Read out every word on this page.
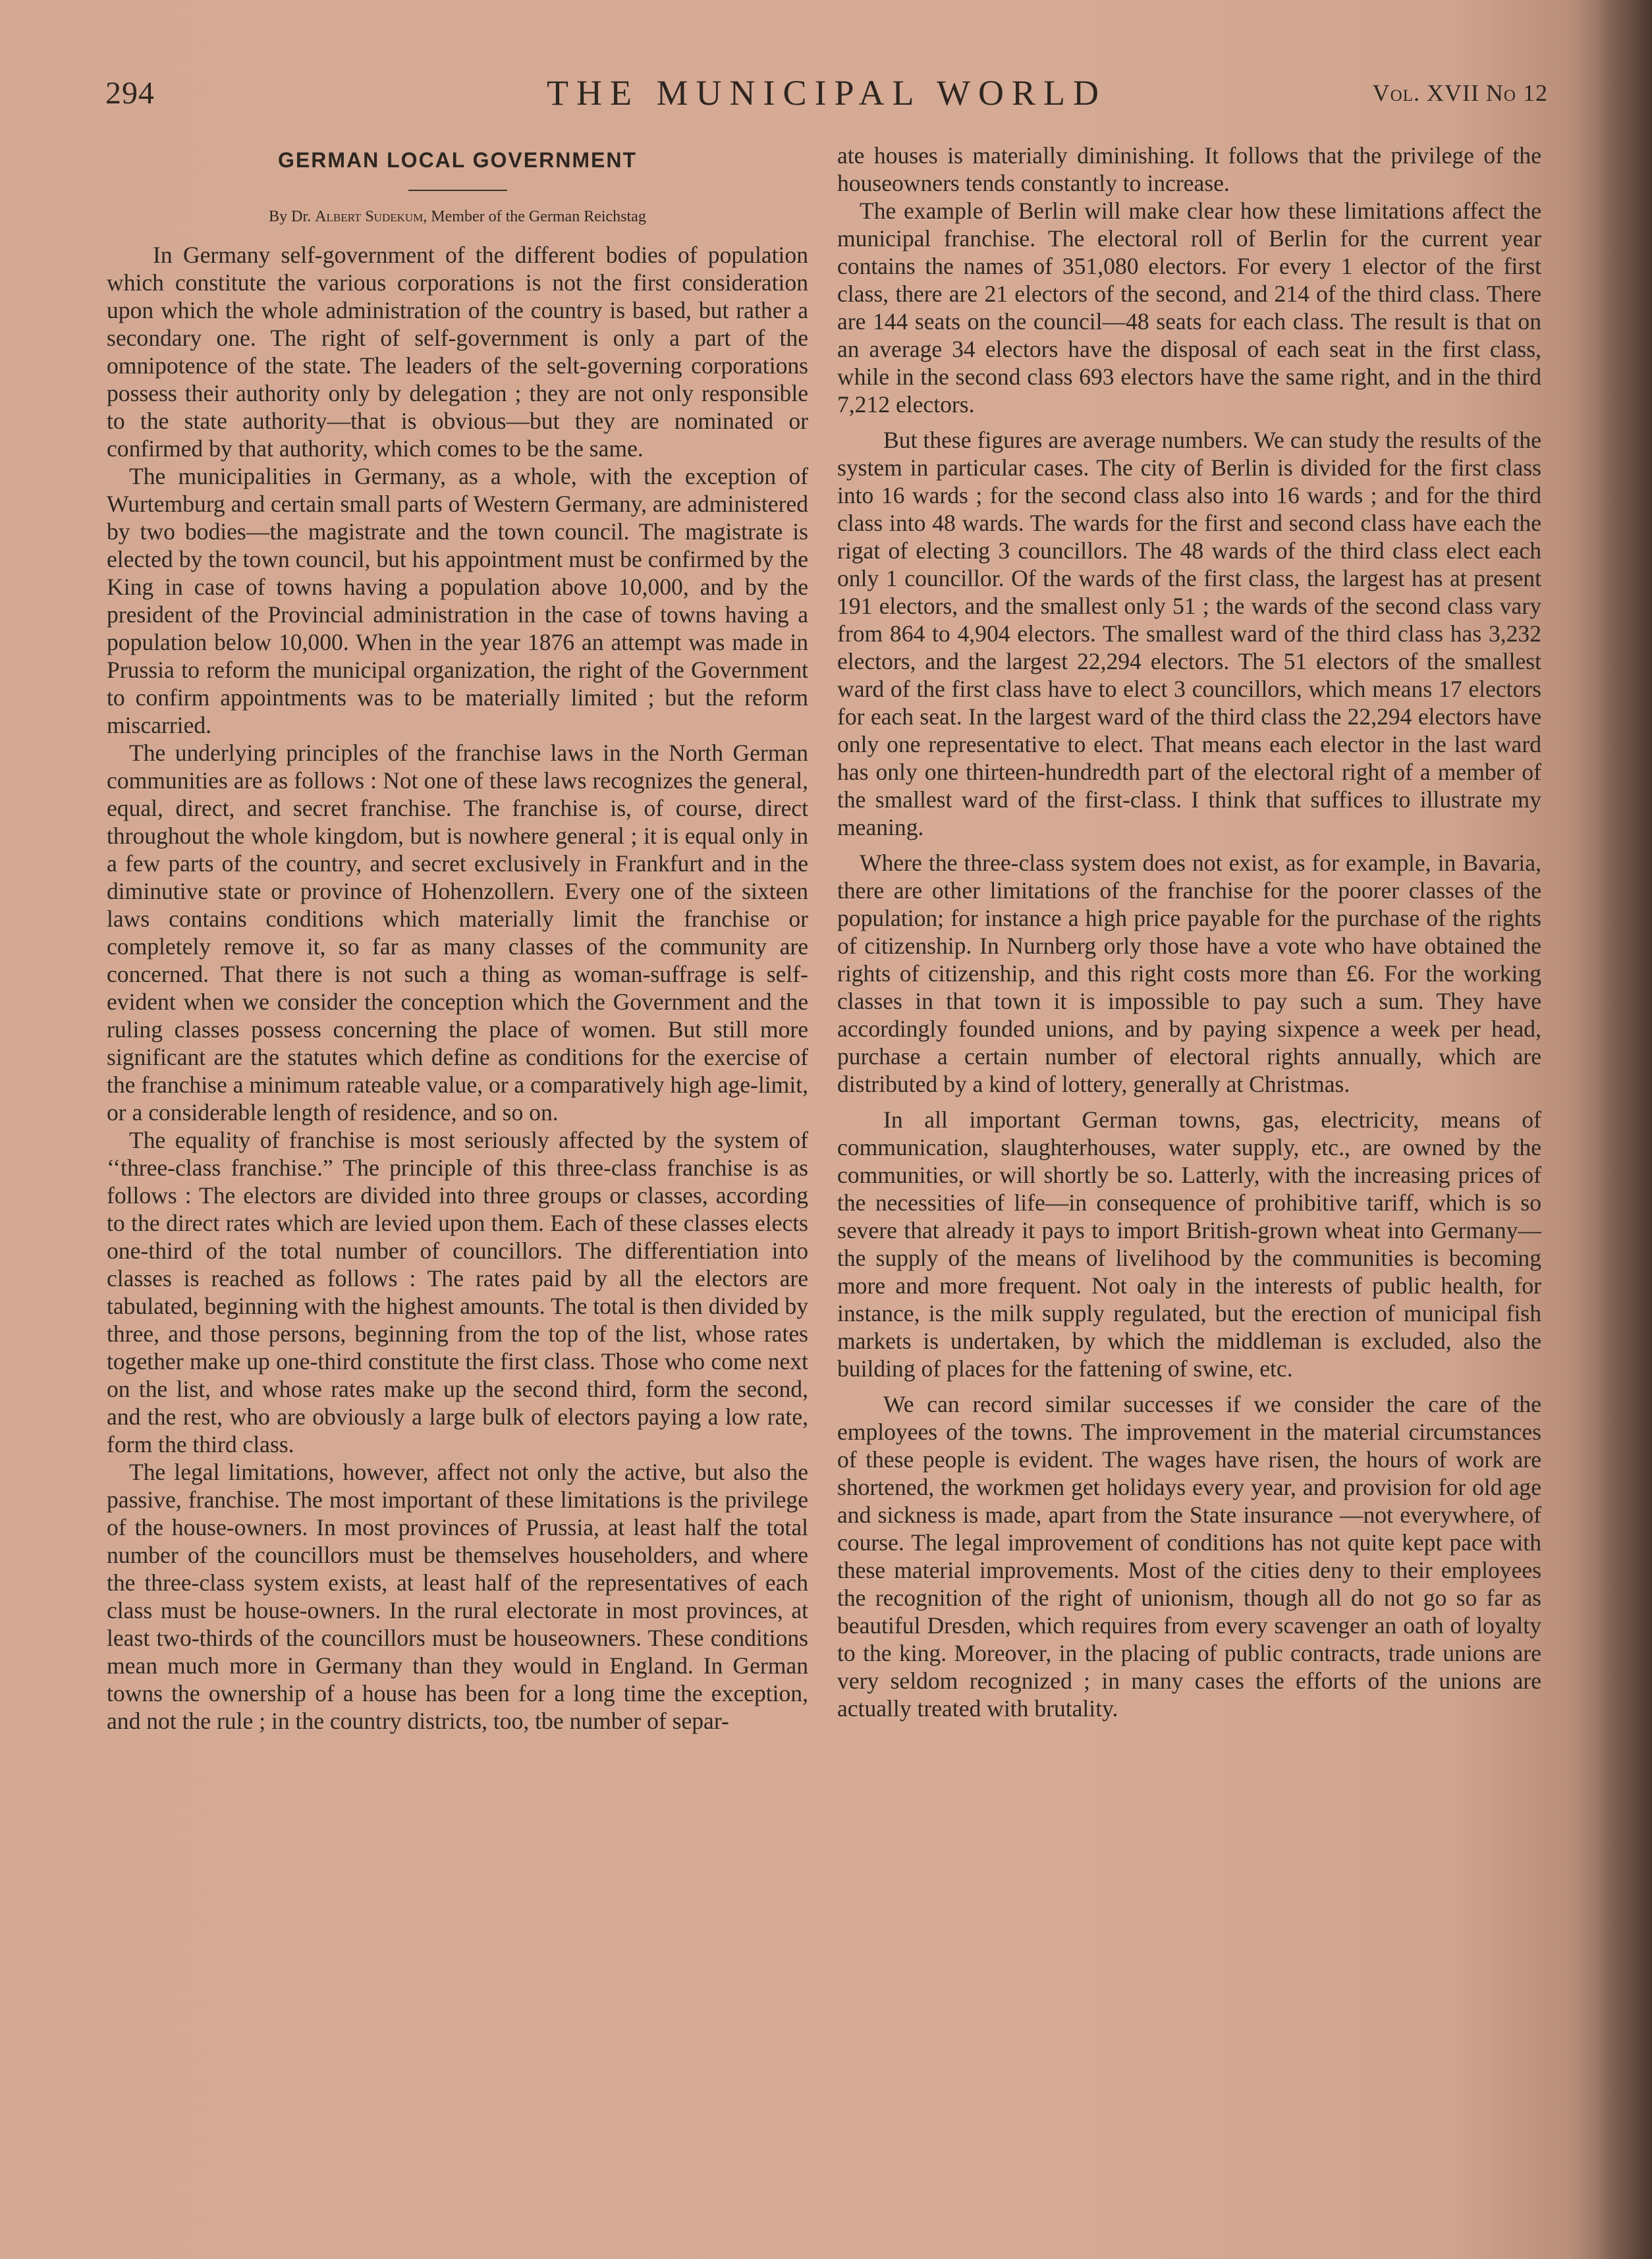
294	THE MUNICIPAL WORLD	Vol. XVII No 12
GERMAN LOCAL GOVERNMENT
By Dr. Albert Sudekum, Member of the German Reichstag

In Germany self-government of the different bodies of population which constitute the various corporations is not the first consideration upon which the whole administration of the country is based, but rather a secondary one. The right of self-government is only a part of the omnipotence of the state. The leaders of the selt-governing corporations possess their authority only by delegation ; they are not only responsible to the state authority—that is obvious—but they are nominated or confirmed by that authority, which comes to be the same.

The municipalities in Germany, as a whole, with the exception of Wurtemburg and certain small parts of Western Germany, are administered by two bodies—the magistrate and the town council. The magistrate is elected by the town council, but his appointment must be confirmed by the King in case of towns having a population above 10,000, and by the president of the Provincial administration in the case of towns having a population below 10,000. When in the year 1876 an attempt was made in Prussia to reform the municipal organization, the right of the Government to confirm appointments was to be materially limited ; but the reform miscarried.

The underlying principles of the franchise laws in the North German communities are as follows : Not one of these laws recognizes the general, equal, direct, and secret franchise. The franchise is, of course, direct throughout the whole kingdom, but is nowhere general ; it is equal only in a few parts of the country, and secret exclusively in Frankfurt and in the diminutive state or province of Hohenzollern. Every one of the sixteen laws contains conditions which materially limit the franchise or completely remove it, so far as many classes of the community are concerned. That there is not such a thing as woman-suffrage is self-evident when we consider the conception which the Government and the ruling classes possess concerning the place of women. But still more significant are the statutes which define as conditions for the exercise of the franchise a minimum rateable value, or a comparatively high age-limit, or a considerable length of residence, and so on.

The equality of franchise is most seriously affected by the system of ‘‘three-class franchise.” The principle of this three-class franchise is as follows : The electors are divided into three groups or classes, according to the direct rates which are levied upon them. Each of these classes elects one-third of the total number of councillors. The differentiation into classes is reached as follows : The rates paid by all the electors are tabulated, beginning with the highest amounts. The total is then divided by three, and those persons, beginning from the top of the list, whose rates together make up one-third constitute the first class. Those who come next on the list, and whose rates make up the second third, form the second, and the rest, who are obviously a large bulk of electors paying a low rate, form the third class.

The legal limitations, however, affect not only the active, but also the passive, franchise. The most important of these limitations is the privilege of the house-owners. In most provinces of Prussia, at least half the total number of the councillors must be themselves householders, and where the three-class system exists, at least half of the representatives of each class must be house-owners. In the rural electorate in most provinces, at least two-thirds of the councillors must be houseowners. These conditions mean much more in Germany than they would in England. In German towns the ownership of a house has been for a long time the exception, and not the rule ; in the country districts, too, tbe number of separ-

ate houses is materially diminishing. It follows that the privilege of the houseowners tends constantly to increase.

The example of Berlin will make clear how these limitations affect the municipal franchise. The electoral roll of Berlin for the current year contains the names of 351,080 electors. For every 1 elector of the first class, there are 21 electors of the second, and 214 of the third class. There are 144 seats on the council—48 seats for each class. The result is that on an average 34 electors have the disposal of each seat in the first class, while in the second class 693 electors have the same right, and in the third 7,212 electors.

But these figures are average numbers. We can study the results of the system in particular cases. The city of Berlin is divided for the first class into 16 wards ; for the second class also into 16 wards ; and for the third class into 48 wards. The wards for the first and second class have each the rigat of electing 3 councillors. The 48 wards of the third class elect each only 1 councillor. Of the wards of the first class, the largest has at present 191 electors, and the smallest only 51 ; the wards of the second class vary from 864 to 4,904 electors. The smallest ward of the third class has 3,232 electors, and the largest 22,294 electors. The 51 electors of the smallest ward of the first class have to elect 3 councillors, which means 17 electors for each seat. In the largest ward of the third class the 22,294 electors have only one representative to elect. That means each elector in the last ward has only one thirteen-hundredth part of the electoral right of a member of the smallest ward of the first-class. I think that suffices to illustrate my meaning.

Where the three-class system does not exist, as for example, in Bavaria, there are other limitations of the franchise for the poorer classes of the population; for instance a high price payable for the purchase of the rights of citizenship. In Nurnberg orly those have a vote who have obtained the rights of citizenship, and this right costs more than £6. For the working classes in that town it is impossible to pay such a sum. They have accordingly founded unions, and by paying sixpence a week per head, purchase a certain number of electoral rights annually, which are distributed by a kind of lottery, generally at Christmas.

In all important German towns, gas, electricity, means of communication, slaughterhouses, water supply, etc., are owned by the communities, or will shortly be so. Latterly, with the increasing prices of the necessities of life—in consequence of prohibitive tariff, which is so severe that already it pays to import British-grown wheat into Germany—the supply of the means of livelihood by the communities is becoming more and more frequent. Not oaly in the interests of public health, for instance, is the milk supply regulated, but the erection of municipal fish markets is undertaken, by which the middleman is excluded, also the building of places for the fattening of swine, etc.

We can record similar successes if we consider the care of the employees of the towns. The improvement in the material circumstances of these people is evident. The wages have risen, the hours of work are shortened, the workmen get holidays every year, and provision for old age and sickness is made, apart from the State insurance —not everywhere, of course. The legal improvement of conditions has not quite kept pace with these material improvements. Most of the cities deny to their employees the recognition of the right of unionism, though all do not go so far as beautiful Dresden, which requires from every scavenger an oath of loyalty to the king. Moreover, in the placing of public contracts, trade unions are very seldom recognized ; in many cases the efforts of the unions are actually treated with brutality.
